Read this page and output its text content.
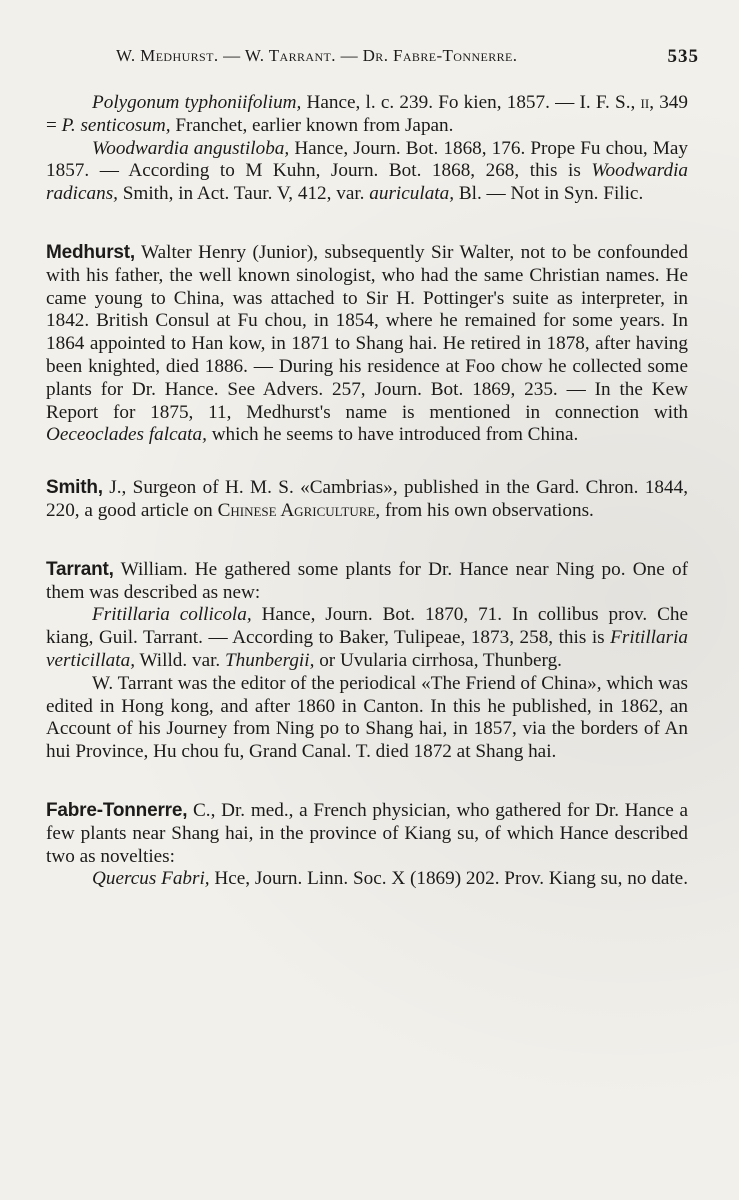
W. Medhurst. — W. Tarrant. — Dr. Fabre-Tonnerre.	535

Polygonum typhoniifolium, Hance, l. c. 239. Fo kien, 1857. — I. F. S., ii, 349 = P. senticosum, Franchet, earlier known from Japan.

Woodwardia angustiloba, Hance, Journ. Bot. 1868, 176. Prope Fu chou, May 1857. — According to M Kuhn, Journ. Bot. 1868, 268, this is Woodwardia radicans, Smith, in Act. Taur. V, 412, var. auriculata, Bl. — Not in Syn. Filic.

Medhurst, Walter Henry (Junior), subsequently Sir Walter, not to be confounded with his father, the well known sinologist, who had the same Christian names. He came young to China, was attached to Sir H. Pottinger's suite as interpreter, in 1842. British Consul at Fu chou, in 1854, where he remained for some years. In 1864 appointed to Han kow, in 1871 to Shang hai. He retired in 1878, after having been knighted, died 1886. — During his residence at Foo chow he collected some plants for Dr. Hance. See Advers. 257, Journ. Bot. 1869, 235. — In the Kew Report for 1875, 11, Medhurst's name is mentioned in connection with Oeceoclades falcata, which he seems to have introduced from China.

Smith, J., Surgeon of H. M. S. «Cambrias», published in the Gard. Chron. 1844, 220, a good article on Chinese Agriculture, from his own observations.

Tarrant, William. He gathered some plants for Dr. Hance near Ning po. One of them was described as new:

Fritillaria collicola, Hance, Journ. Bot. 1870, 71. In collibus prov. Che kiang, Guil. Tarrant. — According to Baker, Tulipeae, 1873, 258, this is Fritillaria verticillata, Willd. var. Thunbergii, or Uvularia cirrhosa, Thunberg.

W. Tarrant was the editor of the periodical «The Friend of China», which was edited in Hong kong, and after 1860 in Canton. In this he published, in 1862, an Account of his Journey from Ning po to Shang hai, in 1857, via the borders of An hui Province, Hu chou fu, Grand Canal. T. died 1872 at Shang hai.

Fabre-Tonnerre, C., Dr. med., a French physician, who gathered for Dr. Hance a few plants near Shang hai, in the province of Kiang su, of which Hance described two as novelties:

Quercus Fabri, Hce, Journ. Linn. Soc. X (1869) 202. Prov. Kiang su, no date.
